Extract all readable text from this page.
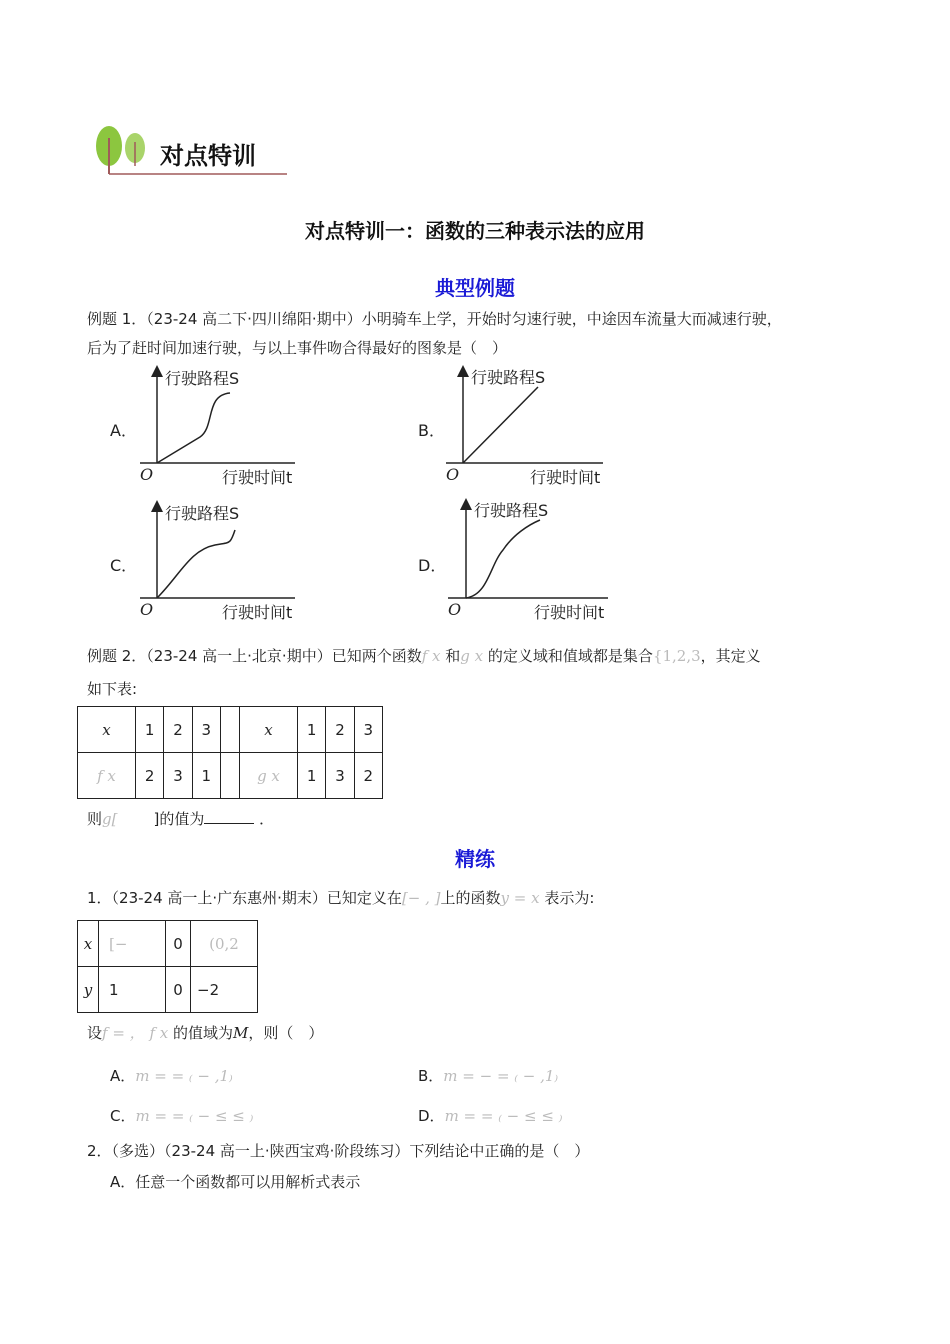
对点特训
对点特训一：函数的三种表示法的应用
典型例题
例题 1．（23-24 高二下·四川绵阳·期中）小明骑车上学，开始时匀速行驶，中途因车流量大而减速行驶，
后为了赶时间加速行驶，与以上事件吻合得最好的图象是（　）
A．
行驶路程S
行驶时间t
O
B．
行驶路程S
行驶时间t
O
C．
行驶路程S
行驶时间t
O
D．
行驶路程S
行驶时间t
O
例题 2．（23-24 高一上·北京·期中）已知两个函数f x 和g x 的定义域和值域都是集合{1,2,3，其定义
如下表:
x	1	2	3		x	1	2	3
f x	2	3	1		g x	1	3	2
则g[ ]的值为	．
精练
1．（23-24 高一上·广东惠州·期末）已知定义在[− , ]上的函数y = x 表示为:
x	[−	0	(0,2
y	1	0	−2
设f = ， f x 的值域为M，则（　）
A．m = = ₍ − ,1₎	B．m = − = ₍ − ,1₎
C．m = = ₍ − ≤ ≤ ₎	D．m = = ₍ − ≤ ≤ ₎
2．（多选）（23-24 高一上·陕西宝鸡·阶段练习）下列结论中正确的是（　）
A．任意一个函数都可以用解析式表示
